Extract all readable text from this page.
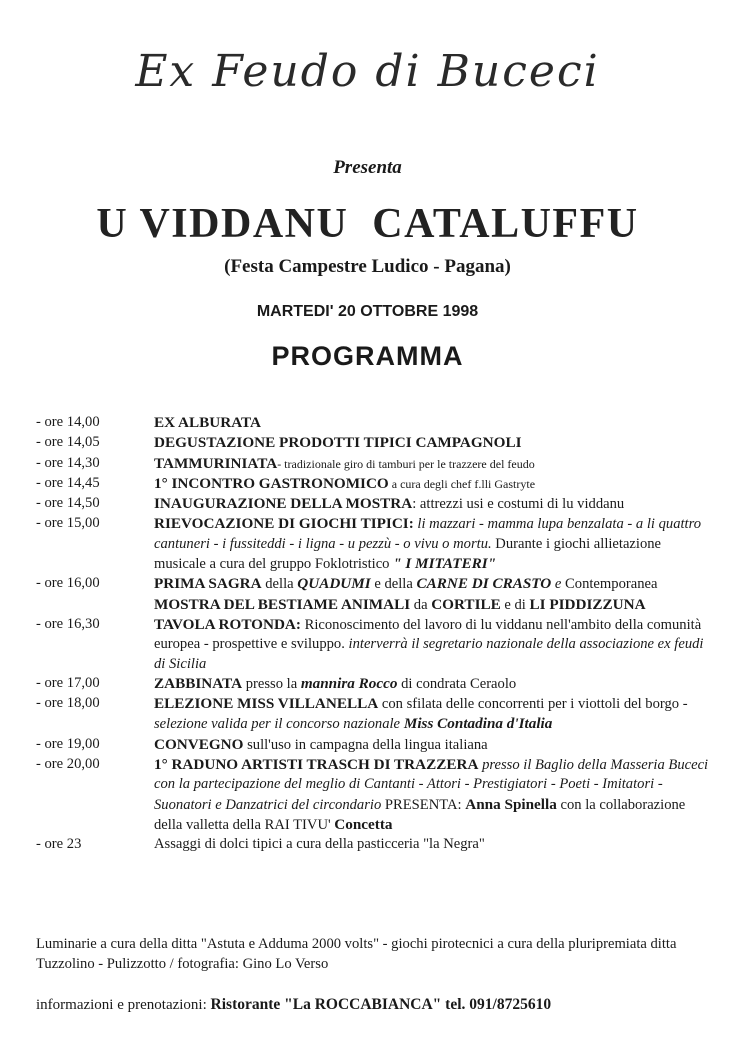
Ex Feudo di Buceci
Presenta
U VIDDANU  CATALUFFU
(Festa Campestre Ludico - Pagana)
MARTEDI' 20 OTTOBRE 1998
PROGRAMMA
- ore 14,00	EX ALBURATA
- ore 14,05	DEGUSTAZIONE PRODOTTI TIPICI CAMPAGNOLI
- ore 14,30	TAMMURINIATA- tradizionale giro di tamburi per le trazzere del feudo
- ore 14,45	1° INCONTRO GASTRONOMICO a cura degli chef f.lli Gastryte
- ore 14,50	INAUGURAZIONE DELLA MOSTRA: attrezzi usi e costumi di lu viddanu
- ore 15,00	RIEVOCAZIONE DI GIOCHI TIPICI: li mazzari - mamma lupa benzalata - a li quattro cantuneri - i fussiteddi - i ligna - u pezzù - o vivu o mortu. Durante i giochi allietazione musicale a cura del gruppo Foklotristico " I MITATERI"
- ore 16,00	PRIMA SAGRA della QUADUMI e della CARNE DI CRASTO e Contemporanea MOSTRA DEL BESTIAME ANIMALI da CORTILE e di LI PIDDIZZUNA
- ore 16,30	TAVOLA ROTONDA: Riconoscimento del lavoro di lu viddanu nell'ambito della comunità europea - prospettive e sviluppo. interverrà il segretario nazionale della associazione ex feudi di Sicilia
- ore 17,00	ZABBINATA presso la mannira Rocco di condrata Ceraolo
- ore 18,00	ELEZIONE MISS VILLANELLA con sfilata delle concorrenti per i viottoli del borgo - selezione valida per il concorso nazionale Miss Contadina d'Italia
- ore 19,00	CONVEGNO sull'uso in campagna della lingua italiana
- ore 20,00	1° RADUNO ARTISTI TRASCH DI TRAZZERA presso il Baglio della Masseria Buceci con la partecipazione del meglio di Cantanti - Attori - Prestigiatori - Poeti - Imitatori - Suonatori e Danzatrici del circondario PRESENTA: Anna Spinella con la collaborazione della valletta della RAI TIVU' Concetta
- ore 23	Assaggi di dolci tipici a cura della pasticceria "la Negra"
Luminarie a cura della ditta "Astuta e Adduma 2000 volts" - giochi pirotecnici a cura della pluripremiata ditta Tuzzolino - Pulizzotto / fotografia: Gino Lo Verso
informazioni e prenotazioni: Ristorante "La ROCCABIANCA" tel. 091/8725610
